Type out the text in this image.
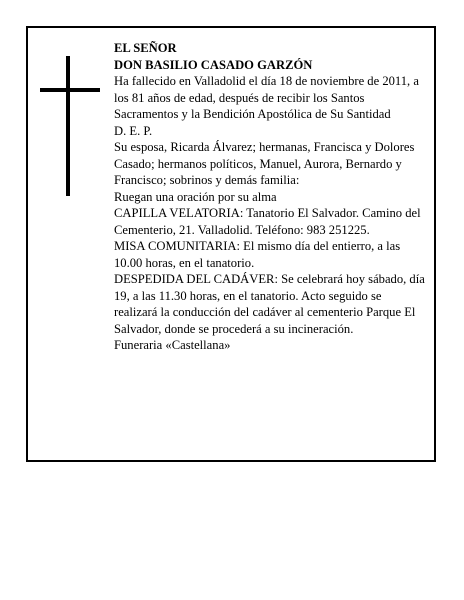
EL SEÑOR

DON BASILIO CASADO GARZÓN

Ha fallecido en Valladolid el día 18 de noviembre de 2011, a los 81 años de edad, después de recibir los Santos Sacramentos y la Bendición Apostólica de Su Santidad

D. E. P.

Su esposa, Ricarda Álvarez; hermanas, Francisca y Dolores Casado; hermanos políticos, Manuel, Aurora, Bernardo y Francisco; sobrinos y demás familia:

Ruegan una oración por su alma

CAPILLA VELATORIA: Tanatorio El Salvador. Camino del Cementerio, 21. Valladolid. Teléfono: 983 251225.

MISA COMUNITARIA: El mismo día del entierro, a las 10.00 horas, en el tanatorio.

DESPEDIDA DEL CADÁVER: Se celebrará hoy sábado, día 19, a las 11.30 horas, en el tanatorio. Acto seguido se realizará la conducción del cadáver al cementerio Parque El Salvador, donde se procederá a su incineración.

Funeraria «Castellana»
